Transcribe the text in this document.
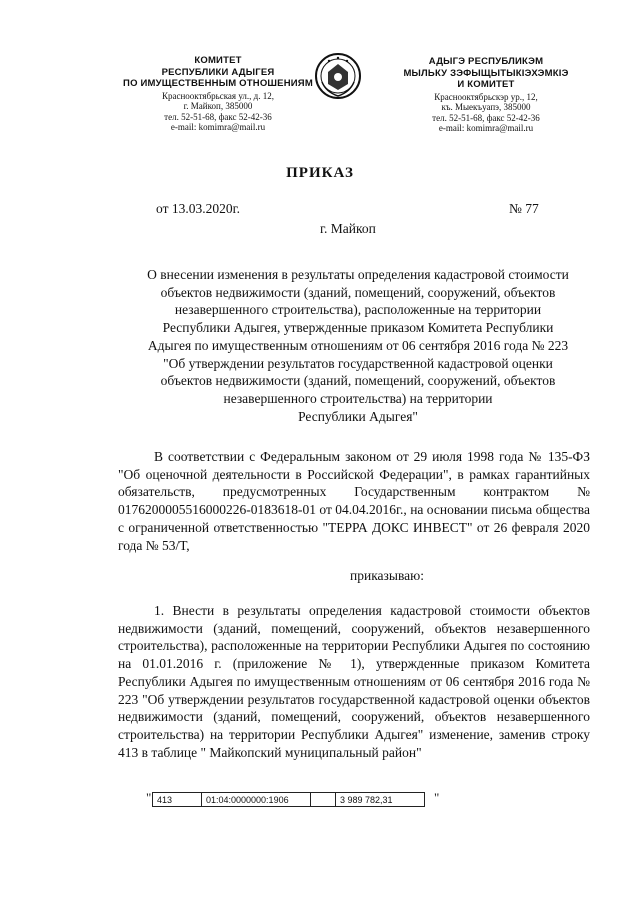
КОМИТЕТ
РЕСПУБЛИКИ АДЫГЕЯ
ПО ИМУЩЕСТВЕННЫМ ОТНОШЕНИЯМ
Красноoктябрьская ул., д. 12,
г. Майкоп, 385000
тел. 52-51-68, факс 52-42-36
e-mail: komimra@mail.ru
АДЫГЭ РЕСПУБЛИКЭМ
МЫЛЬКУ ЗЭФЫЩЫТЫКІЭХЭМКІЭ
И КОМИТЕТ
Красноoктябрьскэр ур., 12,
къ. Мыекъуапэ, 385000
тел. 52-51-68, факс 52-42-36
e-mail: komimra@mail.ru
ПРИКАЗ
от 13.03.2020г.	№ 77
г. Майкоп
О внесении изменения в результаты определения кадастровой стоимости
объектов недвижимости (зданий, помещений, сооружений, объектов
незавершенного строительства), расположенные на территории
Республики Адыгея, утвержденные приказом Комитета Республики
Адыгея по имущественным отношениям от 06 сентября 2016 года № 223
"Об утверждении результатов государственной кадастровой оценки
объектов недвижимости (зданий, помещений, сооружений, объектов
незавершенного строительства) на территории
Республики Адыгея"
В соответствии с Федеральным законом от 29 июля 1998 года № 135-ФЗ "Об оценочной деятельности в Российской Федерации", в рамках гарантийных обязательств, предусмотренных Государственным контрактом № 0176200005516000226-0183618-01 от 04.04.2016г., на основании письма общества с ограниченной ответственностью "ТЕРРА ДОКС ИНВЕСТ" от 26 февраля 2020 года № 53/Т,
приказываю:
1. Внести в результаты определения кадастровой стоимости объектов недвижимости (зданий, помещений, сооружений, объектов незавершенного строительства), расположенные на территории Республики Адыгея по состоянию на 01.01.2016 г. (приложение № 1), утвержденные приказом Комитета Республики Адыгея по имущественным отношениям от 06 сентября 2016 года № 223 "Об утверждении результатов государственной кадастровой оценки объектов недвижимости (зданий, помещений, сооружений, объектов незавершенного строительства) на территории Республики Адыгея" изменение, заменив строку 413 в таблице " Майкопский муниципальный район"
" 413	01:04:0000000:1906		3 989 782,31	"
